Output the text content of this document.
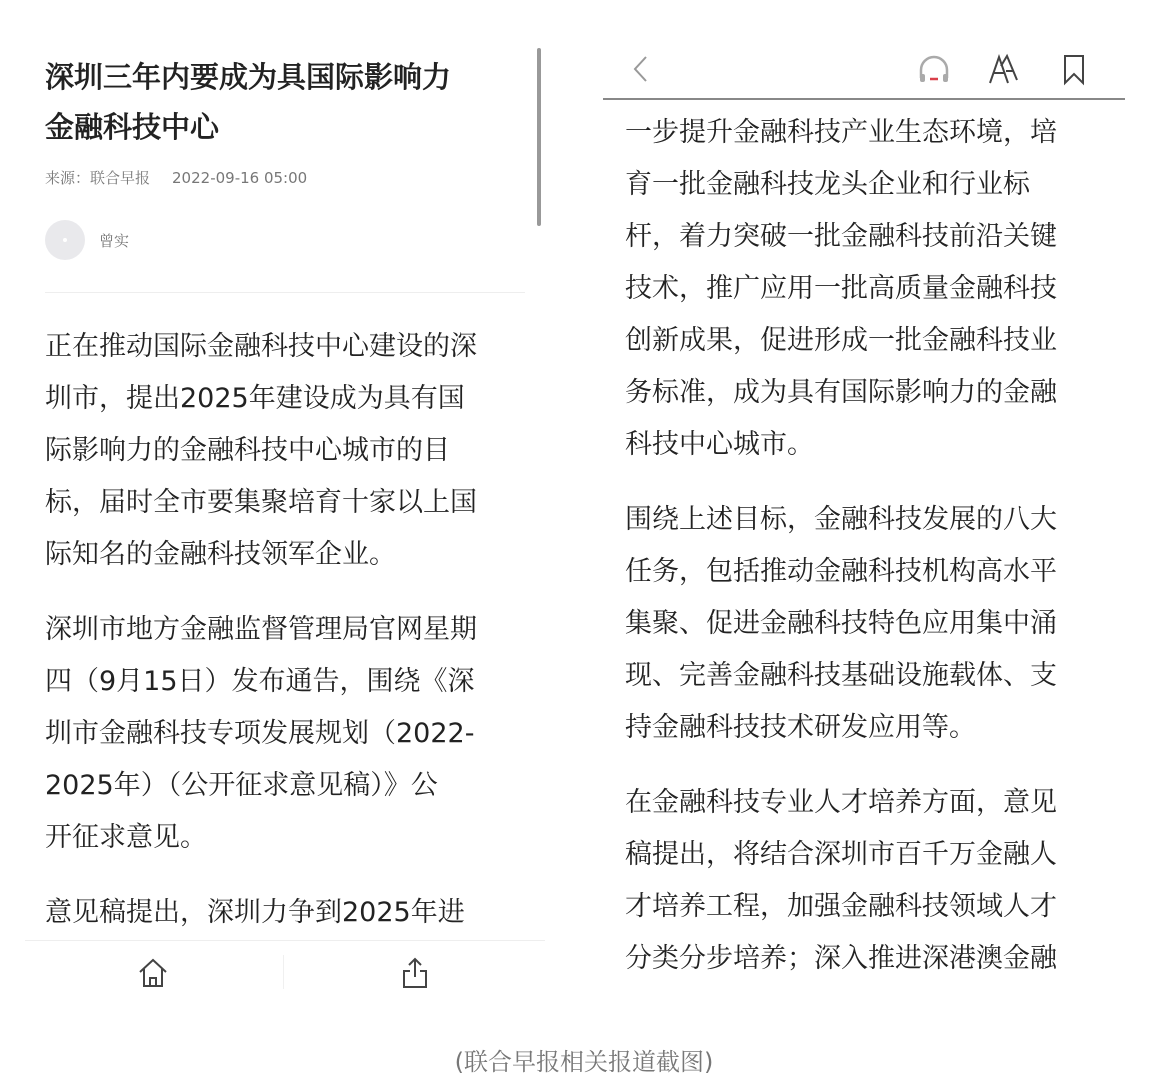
深圳三年内要成为具国际影响力
金融科技中心
来源：联合早报 2022-09-16 05:00
曾实

正在推动国际金融科技中心建设的深
圳市，提出2025年建设成为具有国
际影响力的金融科技中心城市的目
标，届时全市要集聚培育十家以上国
际知名的金融科技领军企业。

深圳市地方金融监督管理局官网星期
四（9月15日）发布通告，围绕《深
圳市金融科技专项发展规划（2022-
2025年）（公开征求意见稿）》公
开征求意见。

意见稿提出，深圳力争到2025年进

一步提升金融科技产业生态环境，培
育一批金融科技龙头企业和行业标
杆，着力突破一批金融科技前沿关键
技术，推广应用一批高质量金融科技
创新成果，促进形成一批金融科技业
务标准，成为具有国际影响力的金融
科技中心城市。

围绕上述目标，金融科技发展的八大
任务，包括推动金融科技机构高水平
集聚、促进金融科技特色应用集中涌
现、完善金融科技基础设施载体、支
持金融科技技术研发应用等。

在金融科技专业人才培养方面，意见
稿提出，将结合深圳市百千万金融人
才培养工程，加强金融科技领域人才
分类分步培养；深入推进深港澳金融

(联合早报相关报道截图)
